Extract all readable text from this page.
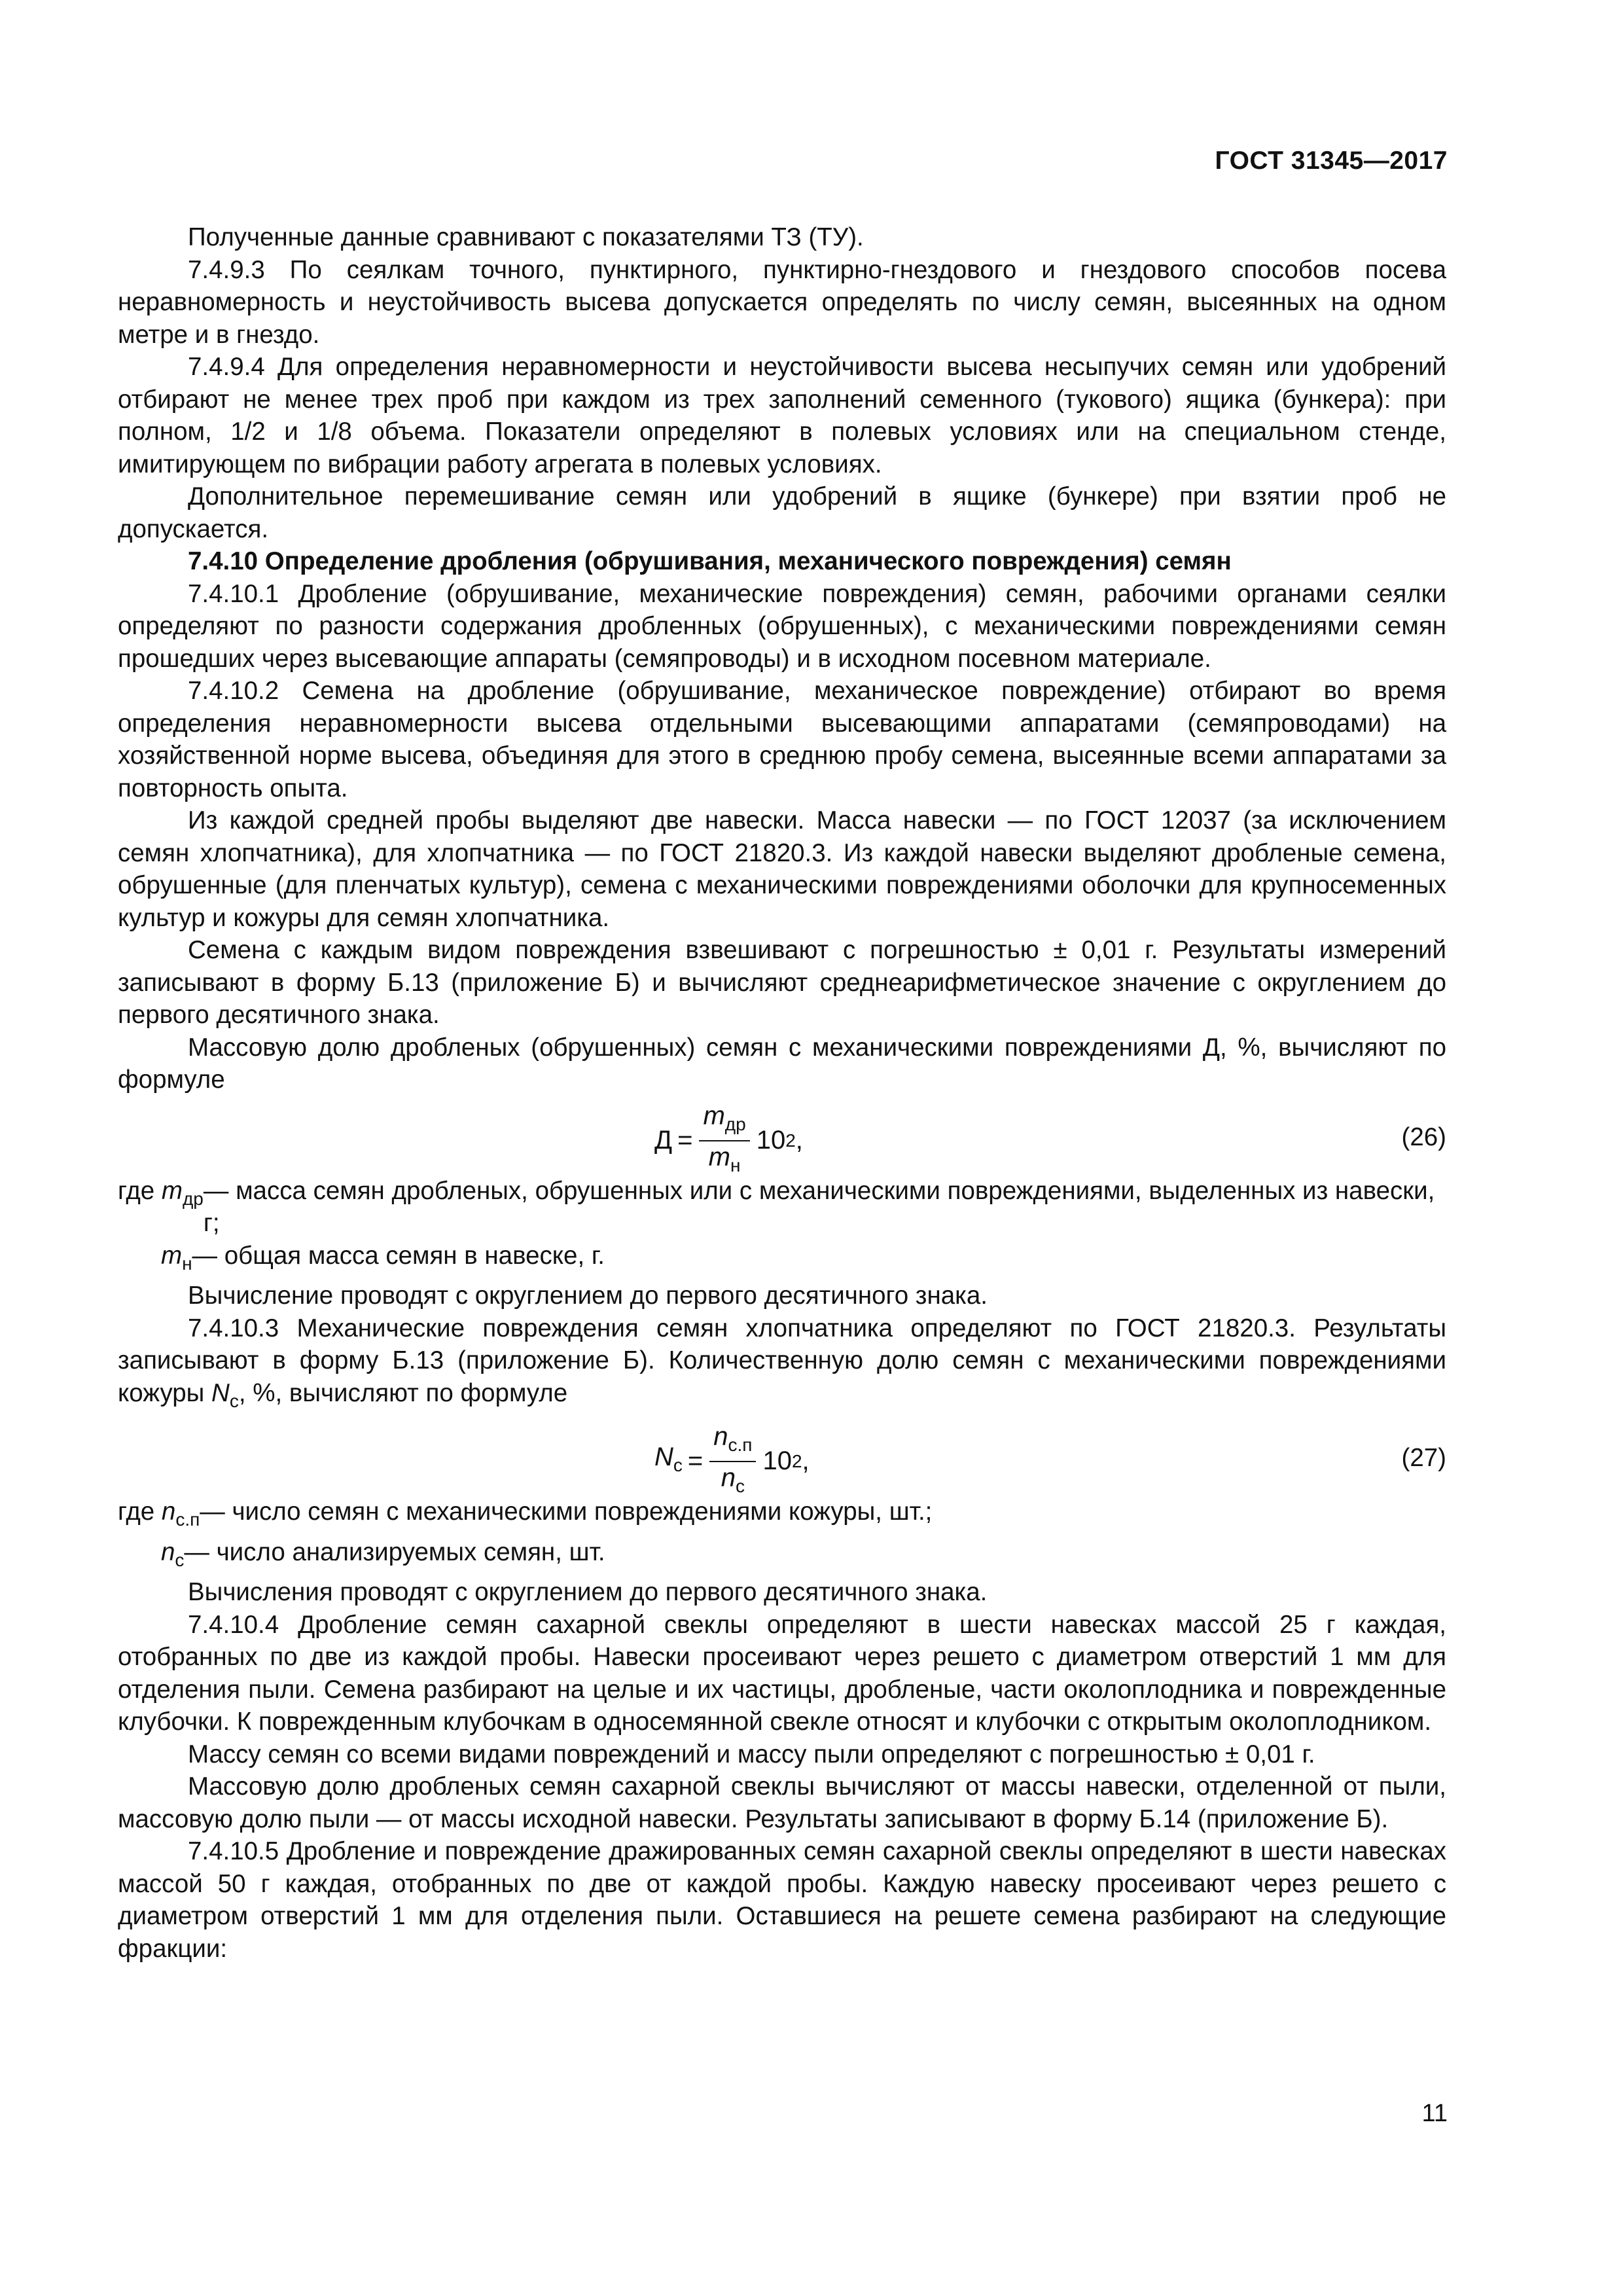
ГОСТ 31345—2017

Полученные данные сравнивают с показателями ТЗ (ТУ).

7.4.9.3 По сеялкам точного, пунктирного, пунктирно-гнездового и гнездового способов посева неравномерность и неустойчивость высева допускается определять по числу семян, высеянных на одном метре и в гнездо.

7.4.9.4 Для определения неравномерности и неустойчивости высева несыпучих семян или удобрений отбирают не менее трех проб при каждом из трех заполнений семенного (тукового) ящика (бункера): при полном, 1/2 и 1/8 объема. Показатели определяют в полевых условиях или на специальном стенде, имитирующем по вибрации работу агрегата в полевых условиях.

Дополнительное перемешивание семян или удобрений в ящике (бункере) при взятии проб не допускается.

7.4.10 Определение дробления (обрушивания, механического повреждения) семян

7.4.10.1 Дробление (обрушивание, механические повреждения) семян, рабочими органами сеялки определяют по разности содержания дробленных (обрушенных), с механическими повреждениями семян прошедших через высевающие аппараты (семяпроводы) и в исходном посевном материале.

7.4.10.2 Семена на дробление (обрушивание, механическое повреждение) отбирают во время определения неравномерности высева отдельными высевающими аппаратами (семяпроводами) на хозяйственной норме высева, объединяя для этого в среднюю пробу семена, высеянные всеми аппаратами за повторность опыта.

Из каждой средней пробы выделяют две навески. Масса навески — по ГОСТ 12037 (за исключением семян хлопчатника), для хлопчатника — по ГОСТ 21820.3. Из каждой навески выделяют дробленые семена, обрушенные (для пленчатых культур), семена с механическими повреждениями оболочки для крупносеменных культур и кожуры для семян хлопчатника.

Семена с каждым видом повреждения взвешивают с погрешностью ± 0,01 г. Результаты измерений записывают в форму Б.13 (приложение Б) и вычисляют среднеарифметическое значение с округлением до первого десятичного знака.

Массовую долю дробленых (обрушенных) семян с механическими повреждениями Д, %, вычисляют по формуле

$Д = \frac{m_{др}}{m_н} 10$ 2 ,	(26)
где $m_{др}$ — масса семян дробленых, обрушенных или с механическими повреждениями, выделенных из навески, г;
$m_н$ — общая масса семян в навеске, г.

Вычисление проводят с округлением до первого десятичного знака.

7.4.10.3 Механические повреждения семян хлопчатника определяют по ГОСТ 21820.3. Результаты записывают в форму Б.13 (приложение Б). Количественную долю семян с механическими повреждениями кожуры $N_с$, %, вычисляют по формуле

$N_с = \frac{n_{с.п}}{n_с} 10$ 2 ,	(27)
где $n_{с.п}$ — число семян с механическими повреждениями кожуры, шт.;
$n_с$ — число анализируемых семян, шт.

Вычисления проводят с округлением до первого десятичного знака.

7.4.10.4 Дробление семян сахарной свеклы определяют в шести навесках массой 25 г каждая, отобранных по две из каждой пробы. Навески просеивают через решето с диаметром отверстий 1 мм для отделения пыли. Семена разбирают на целые и их частицы, дробленые, части околоплодника и поврежденные клубочки. К поврежденным клубочкам в односемянной свекле относят и клубочки с открытым околоплодником.

Массу семян со всеми видами повреждений и массу пыли определяют с погрешностью ± 0,01 г.

Массовую долю дробленых семян сахарной свеклы вычисляют от массы навески, отделенной от пыли, массовую долю пыли — от массы исходной навески. Результаты записывают в форму Б.14 (приложение Б).

7.4.10.5 Дробление и повреждение дражированных семян сахарной свеклы определяют в шести навесках массой 50 г каждая, отобранных по две от каждой пробы. Каждую навеску просеивают через решето с диаметром отверстий 1 мм для отделения пыли. Оставшиеся на решете семена разбирают на следующие фракции:

11
